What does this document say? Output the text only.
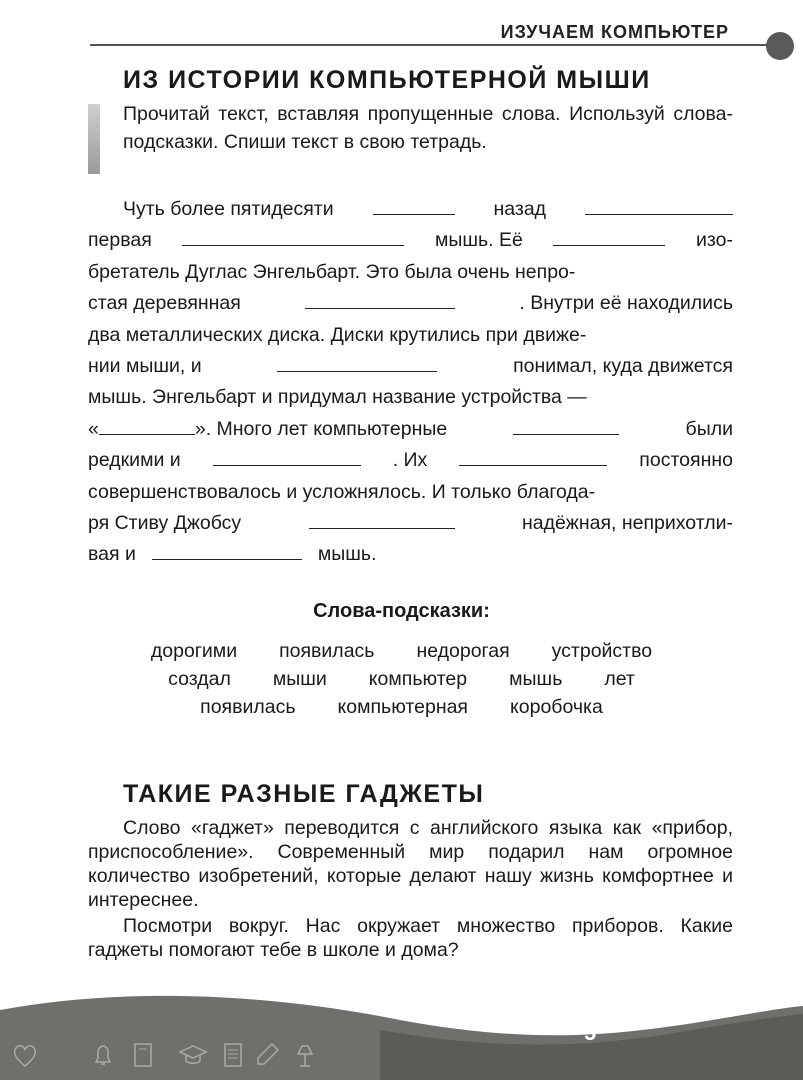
ИЗУЧАЕМ КОМПЬЮТЕР
ИЗ ИСТОРИИ КОМПЬЮТЕРНОЙ МЫШИ
Прочитай текст, вставляя пропущенные слова. Используй слова-подсказки. Спиши текст в свою тетрадь.
Чуть более пятидесяти	назад
первая	мышь. Её	изо-
бретатель Дуглас Энгельбарт. Это была очень непро-
стая деревянная	. Внутри её находились
два металлических диска. Диски крутились при движе-
нии мыши, и	понимал, куда движется
мышь. Энгельбарт и придумал название устройства —
«	». Много лет компьютерные	были
редкими и	. Их	постоянно
совершенствовалось и усложнялось. И только благода-
ря Стиву Джобсу	надёжная, неприхотли-
вая и	мышь.
Слова-подсказки:
дорогими появилась недорогая устройство
создал мыши компьютер мышь лет
появилась компьютерная коробочка
ТАКИЕ РАЗНЫЕ ГАДЖЕТЫ
Слово «гаджет» переводится с английского языка как «прибор, приспособление». Современный мир подарил нам огромное количество изобретений, которые делают нашу жизнь комфортнее и интереснее.
Посмотри вокруг. Нас окружает множество приборов. Какие гаджеты помогают тебе в школе и дома?
5
